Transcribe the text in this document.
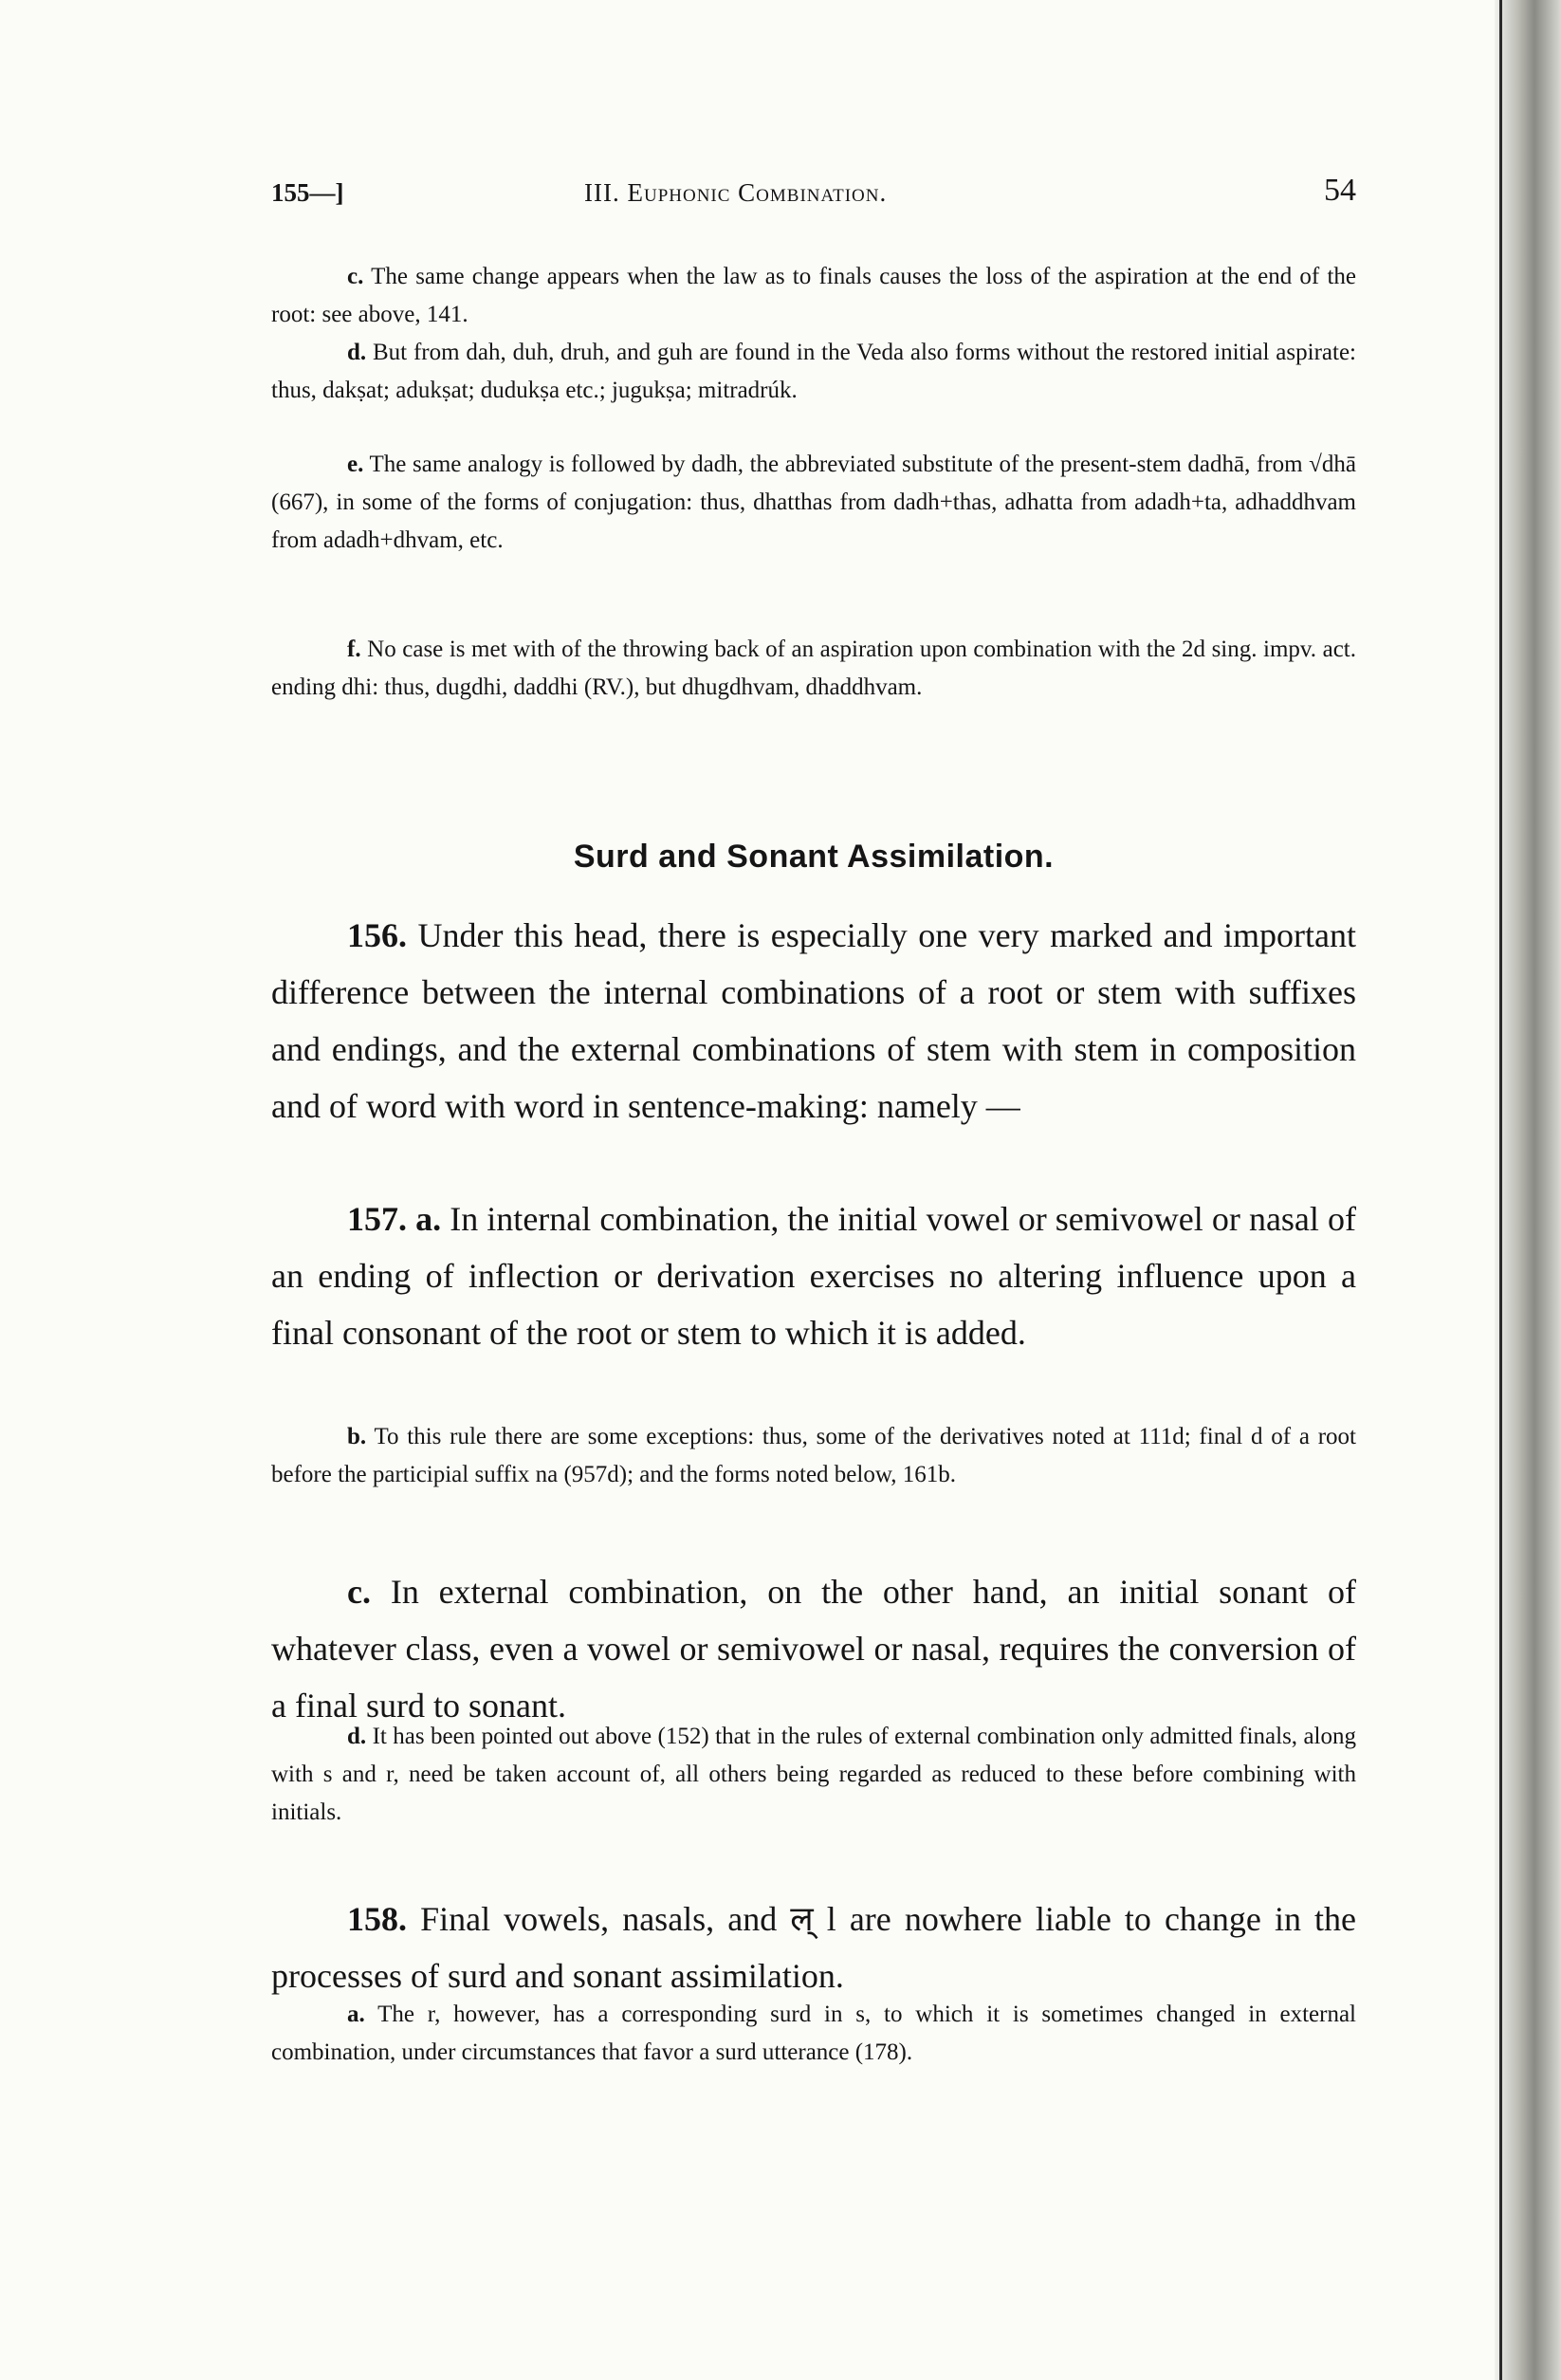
155—]	III. Euphonic Combination.	54

c. The same change appears when the law as to finals causes the loss of the aspiration at the end of the root: see above, 141.

d. But from dah, duh, druh, and guh are found in the Veda also forms without the restored initial aspirate: thus, dakṣat; adukṣat; dudukṣa etc.; jugukṣa; mitradrúk.

e. The same analogy is followed by dadh, the abbreviated substitute of the present-stem dadhā, from √dhā (667), in some of the forms of conjugation: thus, dhatthas from dadh+thas, adhatta from adadh+ta, adhaddhvam from adadh+dhvam, etc.

f. No case is met with of the throwing back of an aspiration upon combination with the 2d sing. impv. act. ending dhi: thus, dugdhi, daddhi (RV.), but dhugdhvam, dhaddhvam.

Surd and Sonant Assimilation.

156. Under this head, there is especially one very marked and important difference between the internal combinations of a root or stem with suffixes and endings, and the external combinations of stem with stem in composition and of word with word in sentence-making: namely —

157. a. In internal combination, the initial vowel or semivowel or nasal of an ending of inflection or derivation exercises no altering influence upon a final consonant of the root or stem to which it is added.

b. To this rule there are some exceptions: thus, some of the derivatives noted at 111d; final d of a root before the participial suffix na (957d); and the forms noted below, 161b.

c. In external combination, on the other hand, an initial sonant of whatever class, even a vowel or semivowel or nasal, requires the conversion of a final surd to sonant.

d. It has been pointed out above (152) that in the rules of external combination only admitted finals, along with s and r, need be taken account of, all others being regarded as reduced to these before combining with initials.

158. Final vowels, nasals, and ल् l are nowhere liable to change in the processes of surd and sonant assimilation.

a. The r, however, has a corresponding surd in s, to which it is sometimes changed in external combination, under circumstances that favor a surd utterance (178).
